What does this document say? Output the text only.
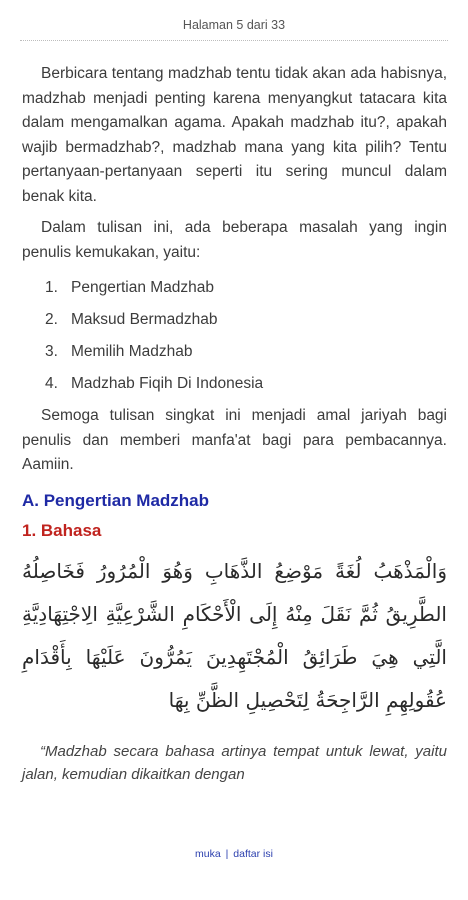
Halaman 5 dari 33

Berbicara tentang madzhab tentu tidak akan ada habisnya, madzhab menjadi penting karena menyangkut tatacara kita dalam mengamalkan agama. Apakah madzhab itu?, apakah wajib bermadzhab?, madzhab mana yang kita pilih? Tentu pertanyaan-pertanyaan seperti itu sering muncul dalam benak kita.

Dalam tulisan ini, ada beberapa masalah yang ingin penulis kemukakan, yaitu:

1. Pengertian Madzhab
2. Maksud Bermadzhab
3. Memilih Madzhab
4. Madzhab Fiqih Di Indonesia

Semoga tulisan singkat ini menjadi amal jariyah bagi penulis dan memberi manfa'at bagi para pembacannya. Aamiin.

A. Pengertian Madzhab
1. Bahasa
وَالْمَذْهَبُ لُغَةً مَوْضِعُ الذَّهَابِ وَهُوَ الْمُرُورُ فَخَاصِلُهُ الطَّرِيقُ ثُمَّ نَقَلَ مِنْهُ إِلَى الْأَحْكَامِ الشَّرْعِيَّةِ الِاجْتِهَادِيَّةِ الَّتِي هِيَ طَرَائِقُ الْمُجْتَهِدِينَ يَمُرُّونَ عَلَيْهَا بِأَقْدَامِ عُقُولِهِمِ الرَّاجِحَةُ لِتَحْصِيلِ الظَّنِّ بِهَا

“Madzhab secara bahasa artinya tempat untuk lewat, yaitu jalan, kemudian dikaitkan dengan

muka | daftar isi
